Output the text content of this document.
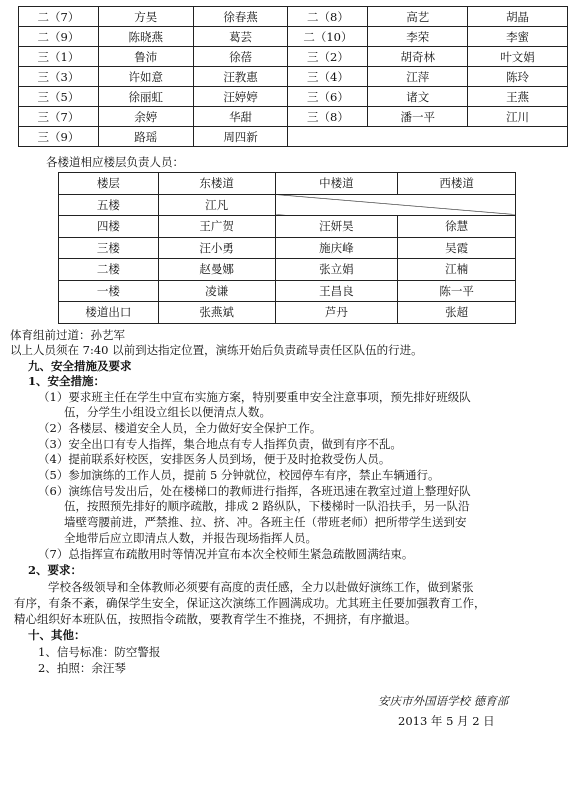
二（7）	方昊	徐春燕	二（8）	高艺	胡晶
二（9）	陈晓燕	葛芸	二（10）	李荣	李蜜
三（1）	鲁沛	徐蓓	三（2）	胡奇林	叶文娟
三（3）	许如意	汪教惠	三（4）	江萍	陈玲
三（5）	徐丽虹	汪婷婷	三（6）	诸文	王燕
三（7）	余婷	华甜	三（8）	潘一平	江川
三（9）	路瑶	周四新			
各楼道相应楼层负责人员：
楼层	东楼道	中楼道	西楼道
五楼	江凡		
四楼	王广贺	汪妍昊	徐慧
三楼	汪小勇	施庆峰	吴霞
二楼	赵曼娜	张立娟	江楠
一楼	凌谦	王昌良	陈一平
楼道出口	张燕斌	芦丹	张超
体育组前过道：孙艺军
以上人员须在 7:40 以前到达指定位置，演练开始后负责疏导责任区队伍的行进。
九、安全措施及要求
1、安全措施：
（1）要求班主任在学生中宣布实施方案，特别要重申安全注意事项，预先排好班级队
伍，分学生小组设立组长以便清点人数。
（2）各楼层、楼道安全人员，全力做好安全保护工作。
（3）安全出口有专人指挥，集合地点有专人指挥负责，做到有序不乱。
（4）提前联系好校医，安排医务人员到场，便于及时抢救受伤人员。
（5）参加演练的工作人员，提前 5 分钟就位，校园停车有序，禁止车辆通行。
（6）演练信号发出后，处在楼梯口的教师进行指挥，各班迅速在教室过道上整理好队
伍，按照预先排好的顺序疏散，排成 2 路纵队，下楼梯时一队沿扶手，另一队沿
墙壁弯腰前进，严禁推、拉、挤、冲。各班主任（带班老师）把所带学生送到安
全地带后应立即清点人数，并报告现场指挥人员。
（7）总指挥宣布疏散用时等情况并宣布本次全校师生紧急疏散圆满结束。
2、要求：
学校各级领导和全体教师必须要有高度的责任感，全力以赴做好演练工作，做到紧张
有序，有条不紊，确保学生安全，保证这次演练工作圆满成功。尤其班主任要加强教育工作，
精心组织好本班队伍，按照指令疏散，要教育学生不推挠，不拥挤，有序撤退。
十、其他：
1、信号标准：防空警报
2、拍照：余汪琴
安庆市外国语学校 德育部
2013 年 5 月 2 日
